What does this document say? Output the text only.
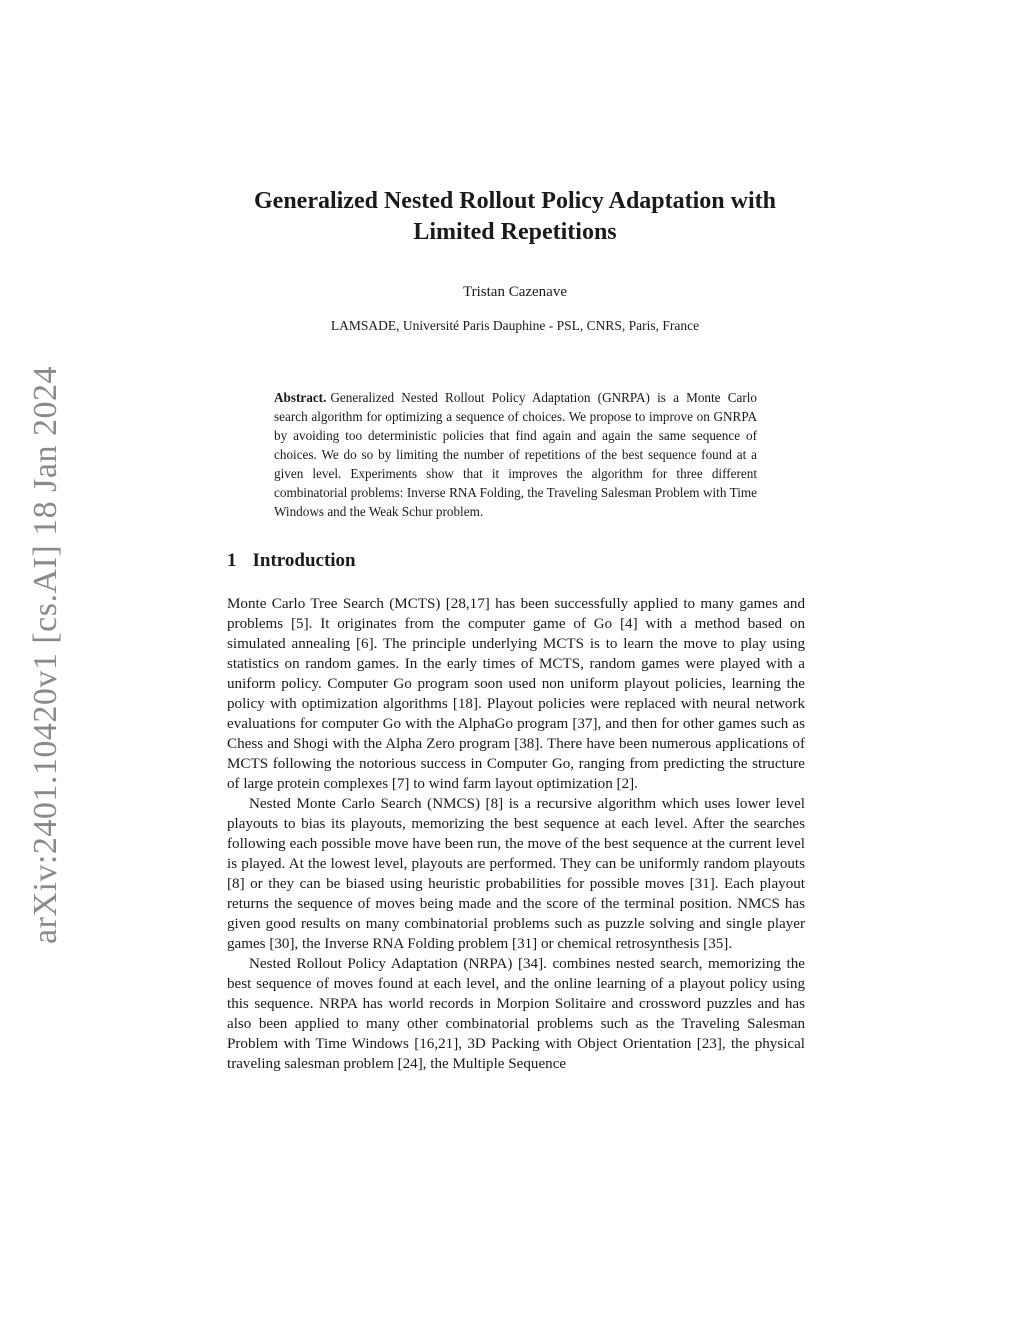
arXiv:2401.10420v1 [cs.AI] 18 Jan 2024
Generalized Nested Rollout Policy Adaptation with
Limited Repetitions

Tristan Cazenave

LAMSADE, Université Paris Dauphine - PSL, CNRS, Paris, France

Abstract. Generalized Nested Rollout Policy Adaptation (GNRPA) is a Monte Carlo search algorithm for optimizing a sequence of choices. We propose to improve on GNRPA by avoiding too deterministic policies that find again and again the same sequence of choices. We do so by limiting the number of repetitions of the best sequence found at a given level. Experiments show that it improves the algorithm for three different combinatorial problems: Inverse RNA Folding, the Traveling Salesman Problem with Time Windows and the Weak Schur problem.

1 Introduction

Monte Carlo Tree Search (MCTS) [28,17] has been successfully applied to many games and problems [5]. It originates from the computer game of Go [4] with a method based on simulated annealing [6]. The principle underlying MCTS is to learn the move to play using statistics on random games. In the early times of MCTS, random games were played with a uniform policy. Computer Go program soon used non uniform playout policies, learning the policy with optimization algorithms [18]. Playout policies were replaced with neural network evaluations for computer Go with the AlphaGo program [37], and then for other games such as Chess and Shogi with the Alpha Zero program [38]. There have been numerous applications of MCTS following the notorious success in Computer Go, ranging from predicting the structure of large protein complexes [7] to wind farm layout optimization [2].

Nested Monte Carlo Search (NMCS) [8] is a recursive algorithm which uses lower level playouts to bias its playouts, memorizing the best sequence at each level. After the searches following each possible move have been run, the move of the best sequence at the current level is played. At the lowest level, playouts are performed. They can be uniformly random playouts [8] or they can be biased using heuristic probabilities for possible moves [31]. Each playout returns the sequence of moves being made and the score of the terminal position. NMCS has given good results on many combinatorial problems such as puzzle solving and single player games [30], the Inverse RNA Folding problem [31] or chemical retrosynthesis [35].

Nested Rollout Policy Adaptation (NRPA) [34]. combines nested search, memorizing the best sequence of moves found at each level, and the online learning of a playout policy using this sequence. NRPA has world records in Morpion Solitaire and crossword puzzles and has also been applied to many other combinatorial problems such as the Traveling Salesman Problem with Time Windows [16,21], 3D Packing with Object Orientation [23], the physical traveling salesman problem [24], the Multiple Sequence
